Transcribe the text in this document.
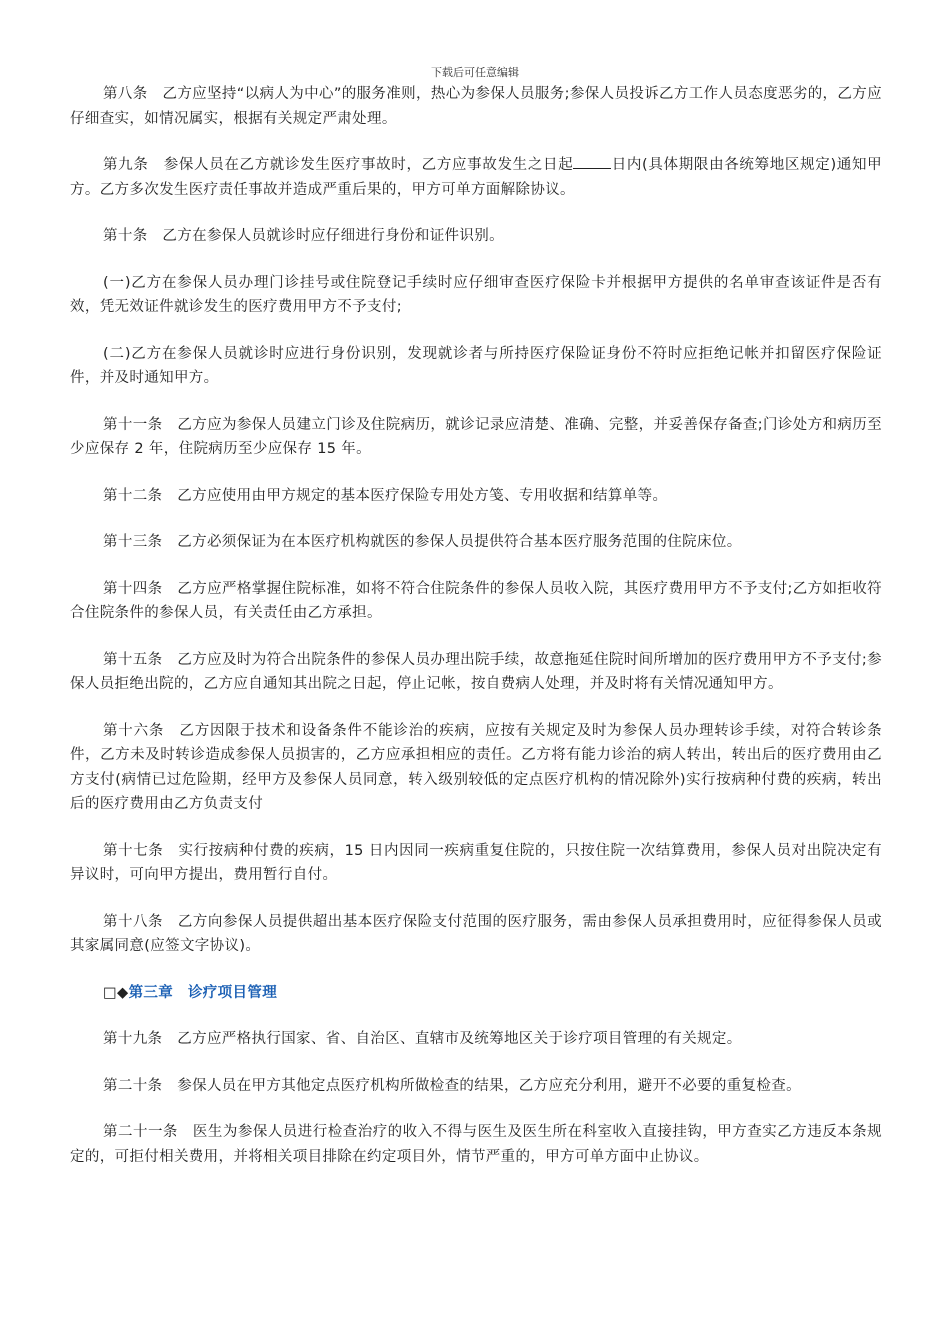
下载后可任意编辑

第八条　乙方应坚持“以病人为中心”的服务准则，热心为参保人员服务;参保人员投诉乙方工作人员态度恶劣的，乙方应仔细查实，如情况属实，根据有关规定严肃处理。

第九条　参保人员在乙方就诊发生医疗事故时，乙方应事故发生之日起	日内(具体期限由各统筹地区规定)通知甲方。乙方多次发生医疗责任事故并造成严重后果的，甲方可单方面解除协议。

第十条　乙方在参保人员就诊时应仔细进行身份和证件识别。

(一)乙方在参保人员办理门诊挂号或住院登记手续时应仔细审查医疗保险卡并根据甲方提供的名单审查该证件是否有效，凭无效证件就诊发生的医疗费用甲方不予支付;

(二)乙方在参保人员就诊时应进行身份识别，发现就诊者与所持医疗保险证身份不符时应拒绝记帐并扣留医疗保险证件，并及时通知甲方。

第十一条　乙方应为参保人员建立门诊及住院病历，就诊记录应清楚、准确、完整，并妥善保存备查;门诊处方和病历至少应保存 2 年，住院病历至少应保存 15 年。

第十二条　乙方应使用由甲方规定的基本医疗保险专用处方笺、专用收据和结算单等。

第十三条　乙方必须保证为在本医疗机构就医的参保人员提供符合基本医疗服务范围的住院床位。

第十四条　乙方应严格掌握住院标准，如将不符合住院条件的参保人员收入院，其医疗费用甲方不予支付;乙方如拒收符合住院条件的参保人员，有关责任由乙方承担。

第十五条　乙方应及时为符合出院条件的参保人员办理出院手续，故意拖延住院时间所增加的医疗费用甲方不予支付;参保人员拒绝出院的，乙方应自通知其出院之日起，停止记帐，按自费病人处理，并及时将有关情况通知甲方。

第十六条　乙方因限于技术和设备条件不能诊治的疾病，应按有关规定及时为参保人员办理转诊手续，对符合转诊条件，乙方未及时转诊造成参保人员损害的，乙方应承担相应的责任。乙方将有能力诊治的病人转出，转出后的医疗费用由乙方支付(病情已过危险期，经甲方及参保人员同意，转入级别较低的定点医疗机构的情况除外)实行按病种付费的疾病，转出后的医疗费用由乙方负责支付

第十七条　实行按病种付费的疾病，15 日内因同一疾病重复住院的，只按住院一次结算费用，参保人员对出院决定有异议时，可向甲方提出，费用暂行自付。

第十八条　乙方向参保人员提供超出基本医疗保险支付范围的医疗服务，需由参保人员承担费用时，应征得参保人员或其家属同意(应签文字协议)。

□◆第三章　诊疗项目管理

第十九条　乙方应严格执行国家、省、自治区、直辖市及统筹地区关于诊疗项目管理的有关规定。

第二十条　参保人员在甲方其他定点医疗机构所做检查的结果，乙方应充分利用，避开不必要的重复检查。

第二十一条　医生为参保人员进行检查治疗的收入不得与医生及医生所在科室收入直接挂钩，甲方查实乙方违反本条规定的，可拒付相关费用，并将相关项目排除在约定项目外，情节严重的，甲方可单方面中止协议。
